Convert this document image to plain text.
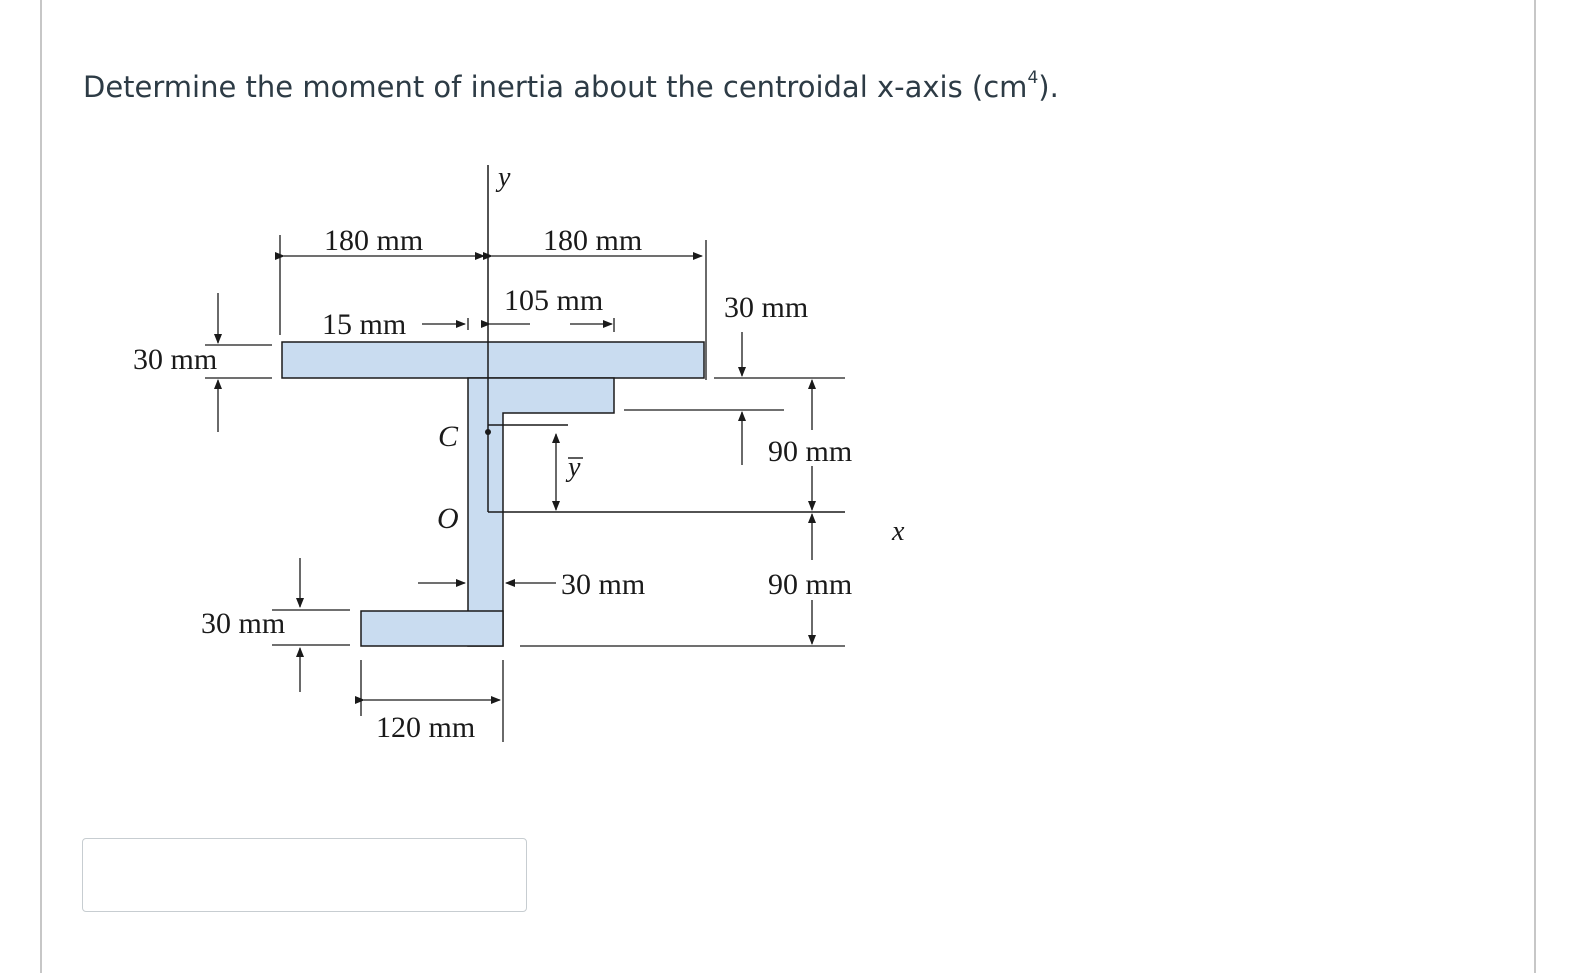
Determine the moment of inertia about the centroidal x-axis $(cm^4)$.
y
x
C
O
y
180 mm	180 mm
15 mm
105 mm
30 mm
30 mm
90 mm
90 mm
30 mm
30 mm
120 mm
